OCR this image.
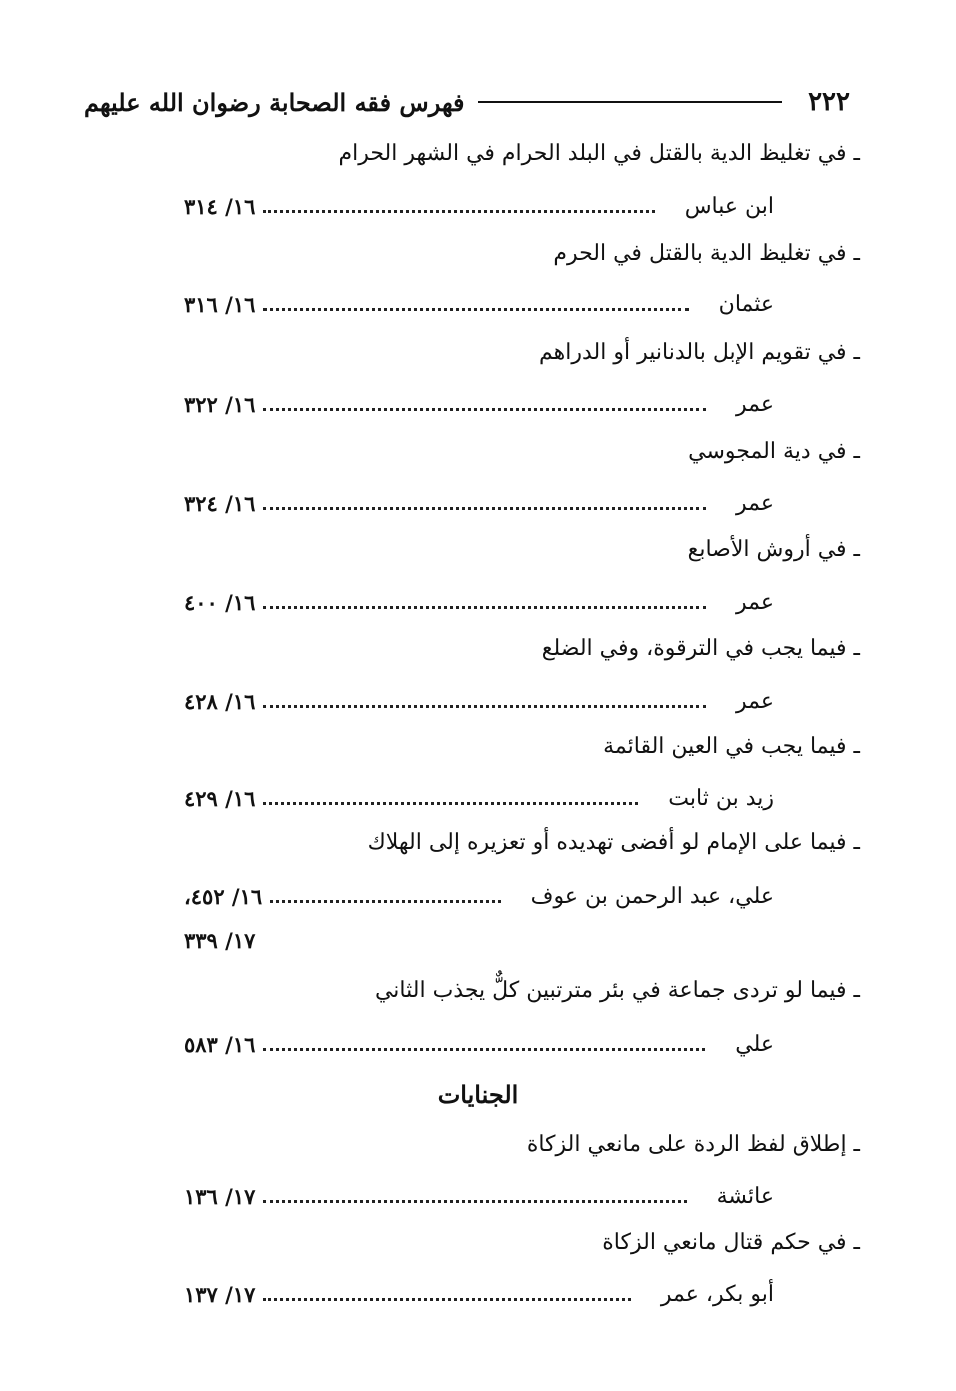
٢٢٢
فهرس فقه الصحابة رضوان الله عليهم
ـ في تغليظ الدية بالقتل في البلد الحرام في الشهر الحرام
ابن عباس
١٦/ ٣١٤
ـ في تغليظ الدية بالقتل في الحرم
عثمان
١٦/ ٣١٦
ـ في تقويم الإبل بالدنانير أو الدراهم
عمر
١٦/ ٣٢٢
ـ في دية المجوسي
عمر
١٦/ ٣٢٤
ـ في أروش الأصابع
عمر
١٦/ ٤٠٠
ـ فيما يجب في الترقوة، وفي الضلع
عمر
١٦/ ٤٢٨
ـ فيما يجب في العين القائمة
زيد بن ثابت
١٦/ ٤٢٩
ـ فيما على الإمام لو أفضى تهديده أو تعزيره إلى الهلاك
علي، عبد الرحمن بن عوف
١٦/ ٤٥٢،
١٧/ ٣٣٩
ـ فيما لو تردى جماعة في بئر مترتبين كلٌّ يجذب الثاني
علي
١٦/ ٥٨٣
الجنايات
ـ إطلاق لفظ الردة على مانعي الزكاة
عائشة
١٧/ ١٣٦
ـ في حكم قتال مانعي الزكاة
أبو بكر، عمر
١٧/ ١٣٧
